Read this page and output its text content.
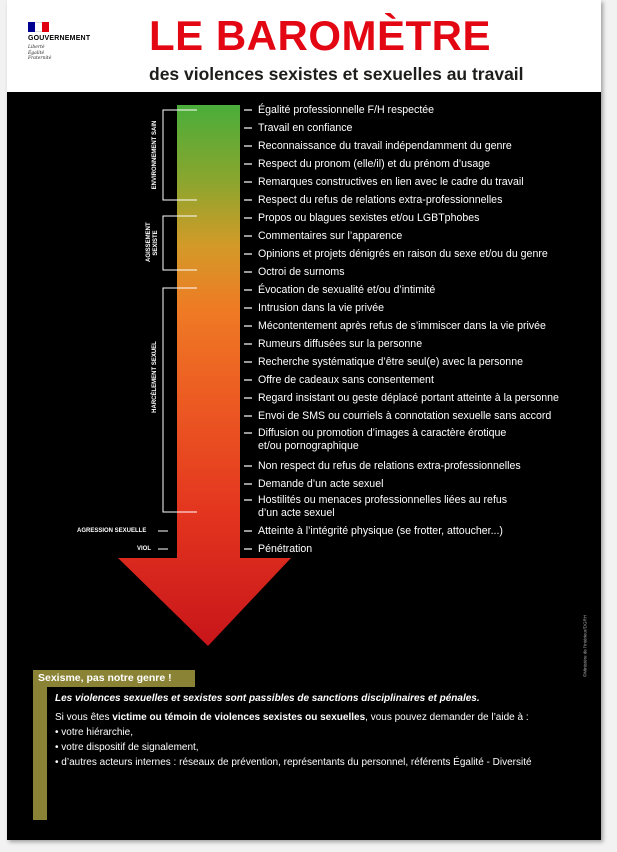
GOUVERNEMENT
Liberté
Égalité
Fraternité LE BAROMÈTRE
des violences sexistes et sexuelles au travail
ENVIRONNEMENT SAIN
AGISSEMENT SEXISTE
HARCÈLEMENT SEXUEL
AGRESSION SEXUELLE
VIOL
Égalité professionnelle F/H respectée
Travail en confiance
Reconnaissance du travail indépendamment du genre
Respect du pronom (elle/il) et du prénom d’usage
Remarques constructives en lien avec le cadre du travail
Respect du refus de relations extra-professionnelles
Propos ou blagues sexistes et/ou LGBTphobes
Commentaires sur l’apparence
Opinions et projets dénigrés en raison du sexe et/ou du genre
Octroi de surnoms
Évocation de sexualité et/ou d’intimité
Intrusion dans la vie privée
Mécontentement après refus de s’immiscer dans la vie privée
Rumeurs diffusées sur la personne
Recherche systématique d’être seul(e) avec la personne
Offre de cadeaux sans consentement
Regard insistant ou geste déplacé portant atteinte à la personne
Envoi de SMS ou courriels à connotation sexuelle sans accord
Diffusion ou promotion d’images à caractère érotique
et/ou pornographique
Non respect du refus de relations extra-professionnelles
Demande d’un acte sexuel
Hostilités ou menaces professionnelles liées au refus
d’un acte sexuel
Atteinte à l’intégrité physique (se frotter, attoucher...)
Pénétration
©Ministère de l'Intérieur/DGRH
Sexisme, pas notre genre !
Les violences sexuelles et sexistes sont passibles de sanctions disciplinaires et pénales.
Si vous êtes victime ou témoin de violences sexistes ou sexuelles, vous pouvez demander de l’aide à :
• votre hiérarchie,
• votre dispositif de signalement,
• d’autres acteurs internes : réseaux de prévention, représentants du personnel, référents Égalité - Diversité
